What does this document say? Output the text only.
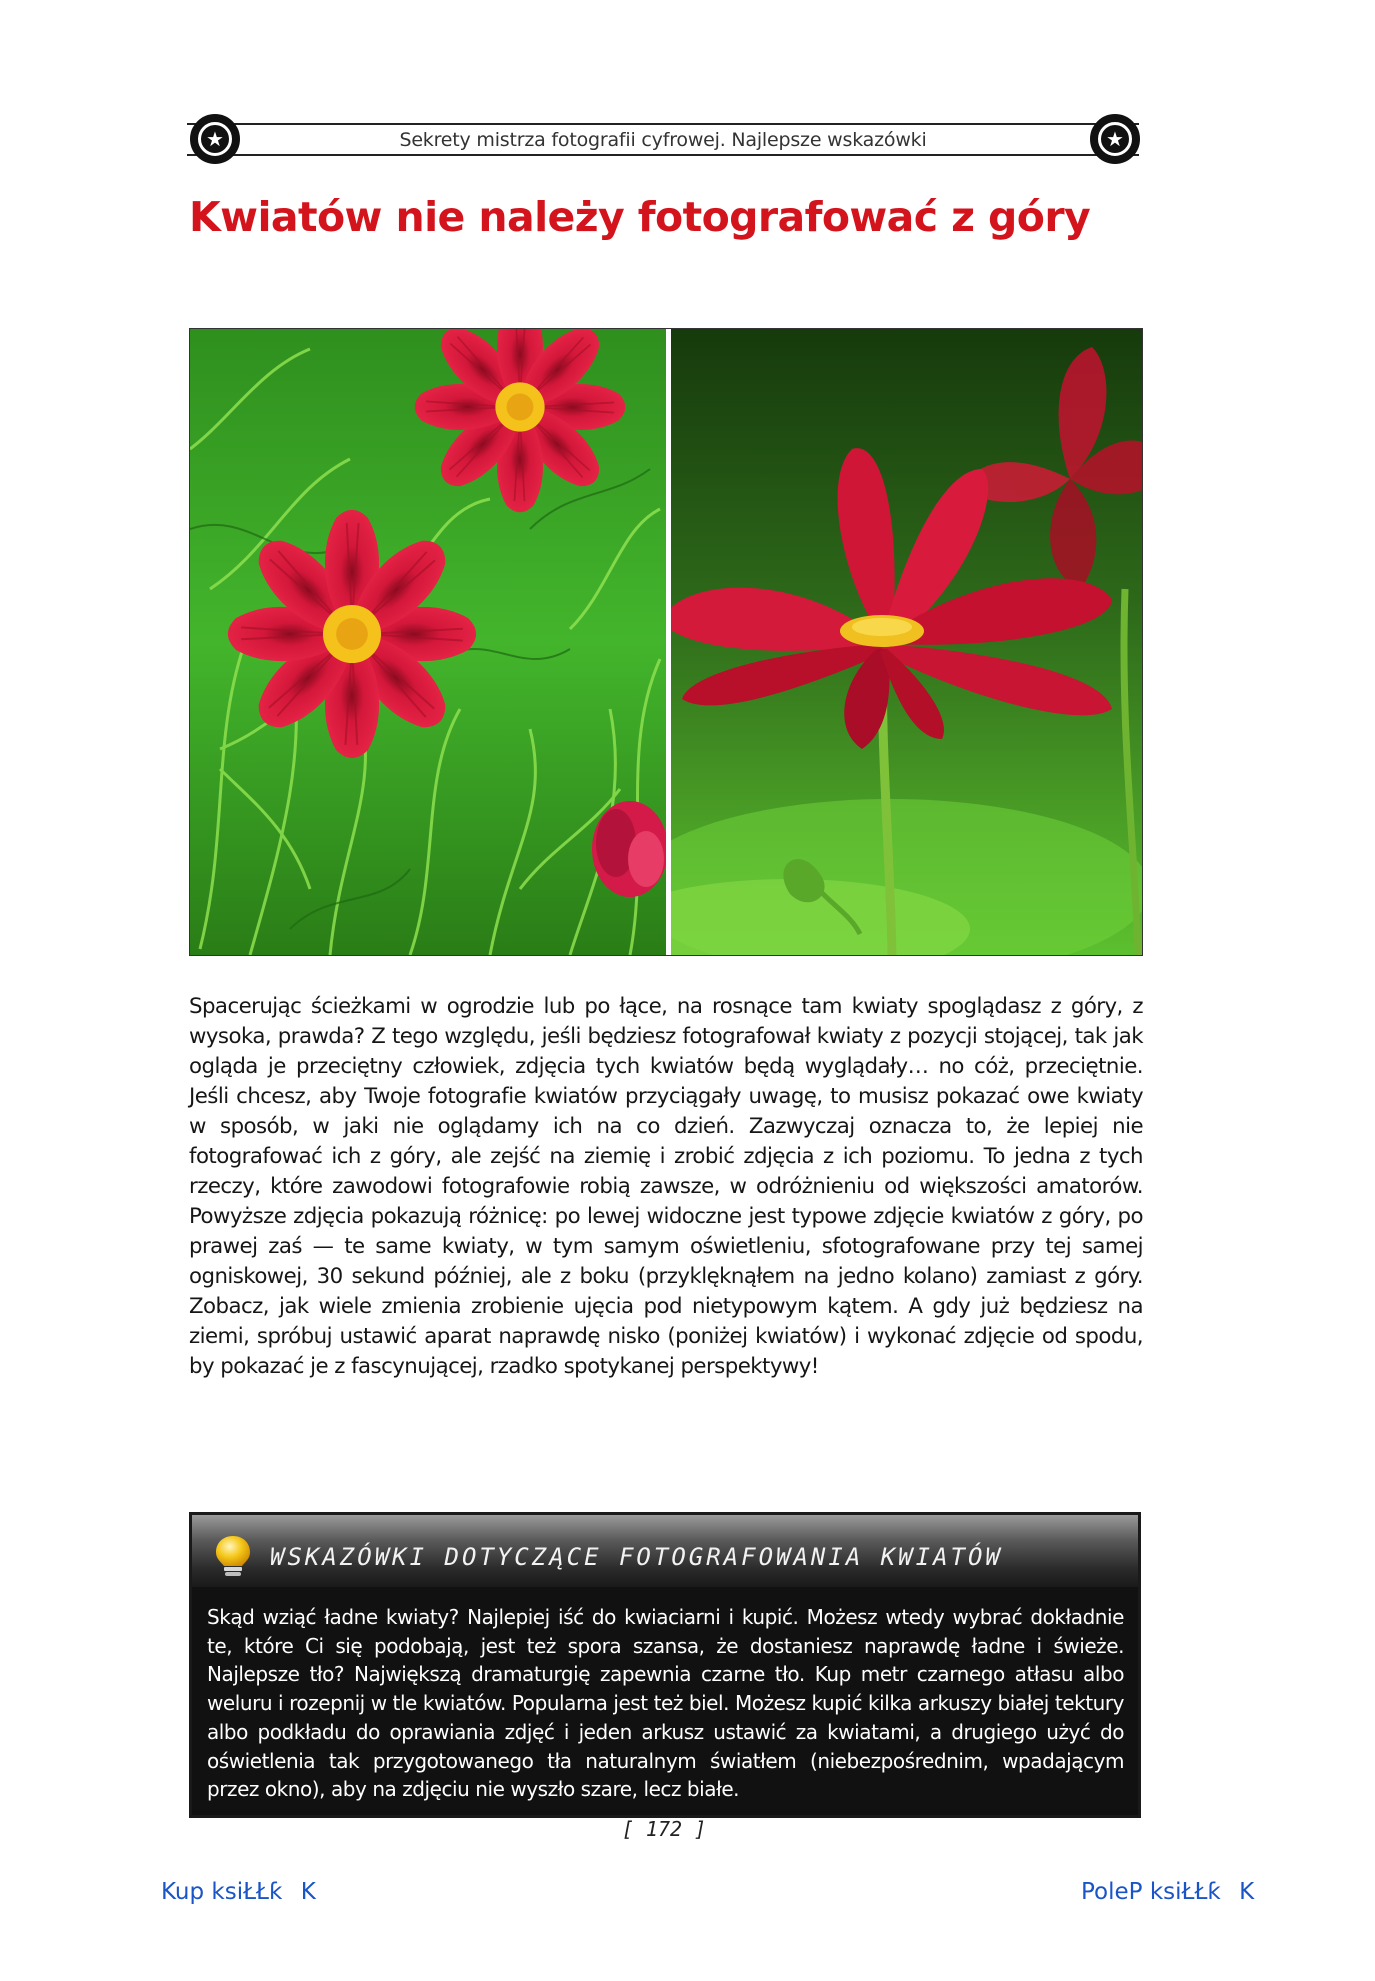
Sekrety mistrza fotografii cyfrowej. Najlepsze wskazówki
★	★
Kwiatów nie należy fotografować z góry

Spacerując ścieżkami w ogrodzie lub po łące, na rosnące tam kwiaty spoglądasz z góry, z wysoka, prawda? Z tego względu, jeśli będziesz fotografował kwiaty z pozycji stojącej, tak jak ogląda je przeciętny człowiek, zdjęcia tych kwiatów będą wyglądały… no cóż, przeciętnie. Jeśli chcesz, aby Twoje fotografie kwiatów przyciągały uwagę, to musisz pokazać owe kwiaty w sposób, w jaki nie oglądamy ich na co dzień. Zazwyczaj oznacza to, że lepiej nie fotografować ich z góry, ale zejść na ziemię i zrobić zdjęcia z ich poziomu. To jedna z tych rzeczy, które zawodowi fotografowie robią zawsze, w odróżnieniu od większości amatorów. Powyższe zdjęcia pokazują różnicę: po lewej widoczne jest typowe zdjęcie kwiatów z góry, po prawej zaś — te same kwiaty, w tym samym oświetleniu, sfotografowane przy tej samej ogniskowej, 30 sekund później, ale z boku (przyklęknąłem na jedno kolano) zamiast z góry. Zobacz, jak wiele zmienia zrobienie ujęcia pod nietypowym kątem. A gdy już będziesz na ziemi, spróbuj ustawić aparat naprawdę nisko (poniżej kwiatów) i wykonać zdjęcie od spodu, by pokazać je z fascynującej, rzadko spotykanej perspektywy!

WSKAZÓWKI DOTYCZĄCE FOTOGRAFOWANIA KWIATÓW

Skąd wziąć ładne kwiaty? Najlepiej iść do kwiaciarni i kupić. Możesz wtedy wybrać dokładnie te, które Ci się podobają, jest też spora szansa, że dostaniesz naprawdę ładne i świeże. Najlepsze tło? Największą dramaturgię zapewnia czarne tło. Kup metr czarnego atłasu albo weluru i rozepnij w tle kwiatów. Popularna jest też biel. Możesz kupić kilka arkuszy białej tektury albo podkładu do oprawiania zdjęć i jeden arkusz ustawić za kwiatami, a drugiego użyć do oświetlenia tak przygotowanego tła naturalnym światłem (niebezpośrednim, wpadającym przez okno), aby na zdjęciu nie wyszło szare, lecz białe.

[ 172 ]
Kup ksiŁŁƙK	PoleP ksiŁŁƙK
